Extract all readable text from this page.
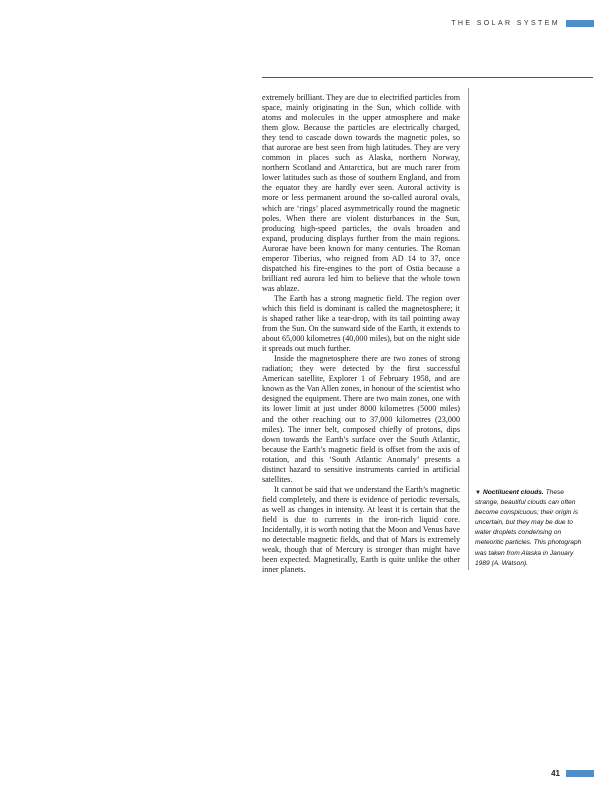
THE SOLAR SYSTEM

extremely brilliant. They are due to electrified particles from space, mainly originating in the Sun, which collide with atoms and molecules in the upper atmosphere and make them glow. Because the particles are electrically charged, they tend to cascade down towards the magnetic poles, so that aurorae are best seen from high latitudes. They are very common in places such as Alaska, northern Norway, northern Scotland and Antarctica, but are much rarer from lower latitudes such as those of southern England, and from the equator they are hardly ever seen. Auroral activity is more or less permanent around the so-called auroral ovals, which are ‘rings’ placed asymmetrically round the magnetic poles. When there are violent disturbances in the Sun, producing high-speed particles, the ovals broaden and expand, producing displays further from the main regions. Aurorae have been known for many centuries. The Roman emperor Tiberius, who reigned from AD 14 to 37, once dispatched his fire-engines to the port of Ostia because a brilliant red aurora led him to believe that the whole town was ablaze.

The Earth has a strong magnetic field. The region over which this field is dominant is called the magnetosphere; it is shaped rather like a tear-drop, with its tail pointing away from the Sun. On the sunward side of the Earth, it extends to about 65,000 kilometres (40,000 miles), but on the night side it spreads out much further.

Inside the magnetosphere there are two zones of strong radiation; they were detected by the first successful American satellite, Explorer 1 of February 1958, and are known as the Van Allen zones, in honour of the scientist who designed the equipment. There are two main zones, one with its lower limit at just under 8000 kilometres (5000 miles) and the other reaching out to 37,000 kilometres (23,000 miles). The inner belt, composed chiefly of protons, dips down towards the Earth’s surface over the South Atlantic, because the Earth’s magnetic field is offset from the axis of rotation, and this ‘South Atlantic Anomaly’ presents a distinct hazard to sensitive instruments carried in artificial satellites.

It cannot be said that we understand the Earth’s magnetic field completely, and there is evidence of periodic reversals, as well as changes in intensity. At least it is certain that the field is due to currents in the iron-rich liquid core. Incidentally, it is worth noting that the Moon and Venus have no detectable magnetic fields, and that of Mars is extremely weak, though that of Mercury is stronger than might have been expected. Magnetically, Earth is quite unlike the other inner planets.

▼ Noctilucent clouds. These strange, beautiful clouds can often become conspicuous; their origin is uncertain, but they may be due to water droplets condensing on meteoritic particles. This photograph was taken from Alaska in January 1989 (A. Watson).
41
